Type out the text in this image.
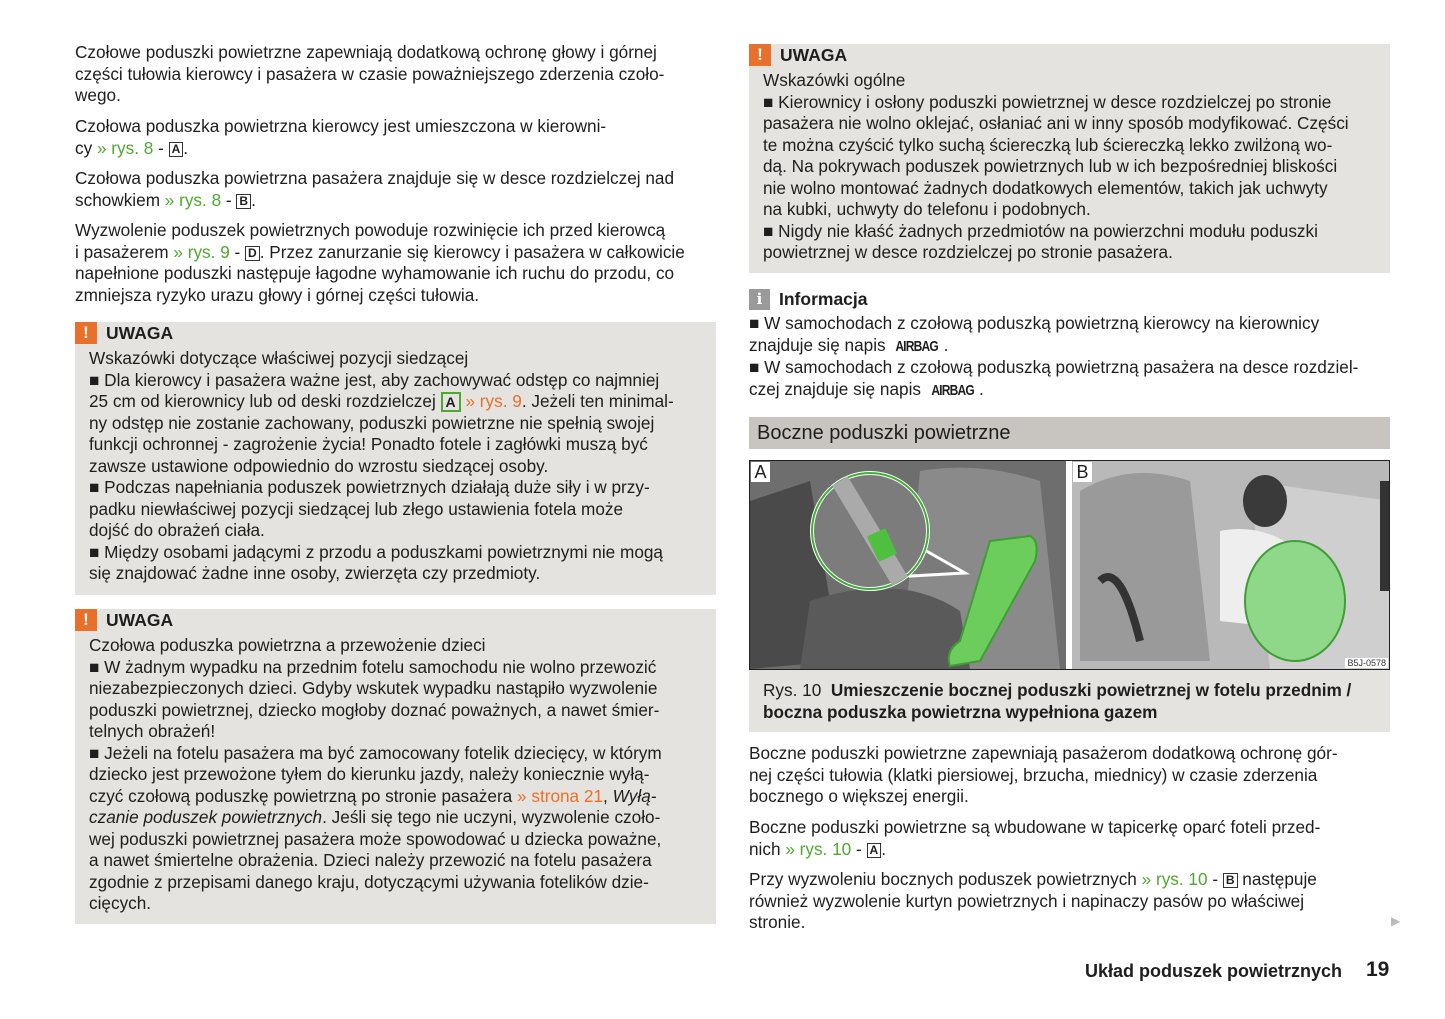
Czołowe poduszki powietrzne zapewniają dodatkową ochronę głowy i górnej
części tułowia kierowcy i pasażera w czasie poważniejszego zderzenia czoło-
wego.
Czołowa poduszka powietrzna kierowcy jest umieszczona w kierowni-
cy » rys. 8 - A .
Czołowa poduszka powietrzna pasażera znajduje się w desce rozdzielczej nad
schowkiem » rys. 8 - B .
Wyzwolenie poduszek powietrznych powoduje rozwinięcie ich przed kierowcą
i pasażerem » rys. 9 - D . Przez zanurzanie się kierowcy i pasażera w całkowicie
napełnione poduszki następuje łagodne wyhamowanie ich ruchu do przodu, co
zmniejsza ryzyko urazu głowy i górnej części tułowia.
! UWAGA
Wskazówki dotyczące właściwej pozycji siedzącej
■ Dla kierowcy i pasażera ważne jest, aby zachowywać odstęp co najmniej
25 cm od kierownicy lub od deski rozdzielczej A » rys. 9. Jeżeli ten minimal-
ny odstęp nie zostanie zachowany, poduszki powietrzne nie spełnią swojej
funkcji ochronnej - zagrożenie życia! Ponadto fotele i zagłówki muszą być
zawsze ustawione odpowiednio do wzrostu siedzącej osoby.
■ Podczas napełniania poduszek powietrznych działają duże siły i w przy-
padku niewłaściwej pozycji siedzącej lub złego ustawienia fotela może
dojść do obrażeń ciała.
■ Między osobami jadącymi z przodu a poduszkami powietrznymi nie mogą
się znajdować żadne inne osoby, zwierzęta czy przedmioty.
! UWAGA
Czołowa poduszka powietrzna a przewożenie dzieci
■ W żadnym wypadku na przednim fotelu samochodu nie wolno przewozić
niezabezpieczonych dzieci. Gdyby wskutek wypadku nastąpiło wyzwolenie
poduszki powietrznej, dziecko mogłoby doznać poważnych, a nawet śmier-
telnych obrażeń!
■ Jeżeli na fotelu pasażera ma być zamocowany fotelik dziecięcy, w którym
dziecko jest przewożone tyłem do kierunku jazdy, należy koniecznie wyłą-
czyć czołową poduszkę powietrzną po stronie pasażera » strona 21, Wyłą-
czanie poduszek powietrznych. Jeśli się tego nie uczyni, wyzwolenie czoło-
wej poduszki powietrznej pasażera może spowodować u dziecka poważne,
a nawet śmiertelne obrażenia. Dzieci należy przewozić na fotelu pasażera
zgodnie z przepisami danego kraju, dotyczącymi używania fotelików dzie-
cięcych.
! UWAGA
Wskazówki ogólne
■ Kierownicy i osłony poduszki powietrznej w desce rozdzielczej po stronie
pasażera nie wolno oklejać, osłaniać ani w inny sposób modyfikować. Części
te można czyścić tylko suchą ściereczką lub ściereczką lekko zwilżoną wo-
dą. Na pokrywach poduszek powietrznych lub w ich bezpośredniej bliskości
nie wolno montować żadnych dodatkowych elementów, takich jak uchwyty
na kubki, uchwyty do telefonu i podobnych.
■ Nigdy nie kłaść żadnych przedmiotów na powierzchni modułu poduszki
powietrznej w desce rozdzielczej po stronie pasażera.
i Informacja
■ W samochodach z czołową poduszką powietrzną kierowcy na kierownicy
znajduje się napis AIRBAG .
■ W samochodach z czołową poduszką powietrzną pasażera na desce rozdziel-
czej znajduje się napis AIRBAG .
Boczne poduszki powietrzne
A	B
B5J-0578
Rys. 10 Umieszczenie bocznej poduszki powietrznej w fotelu przednim /
boczna poduszka powietrzna wypełniona gazem
Boczne poduszki powietrzne zapewniają pasażerom dodatkową ochronę gór-
nej części tułowia (klatki piersiowej, brzucha, miednicy) w czasie zderzenia
bocznego o większej energii.
Boczne poduszki powietrzne są wbudowane w tapicerkę oparć foteli przed-
nich » rys. 10 - A .
Przy wyzwoleniu bocznych poduszek powietrznych » rys. 10 - B następuje
również wyzwolenie kurtyn powietrznych i napinaczy pasów po właściwej
stronie.	▶
Układ poduszek powietrznych 19
